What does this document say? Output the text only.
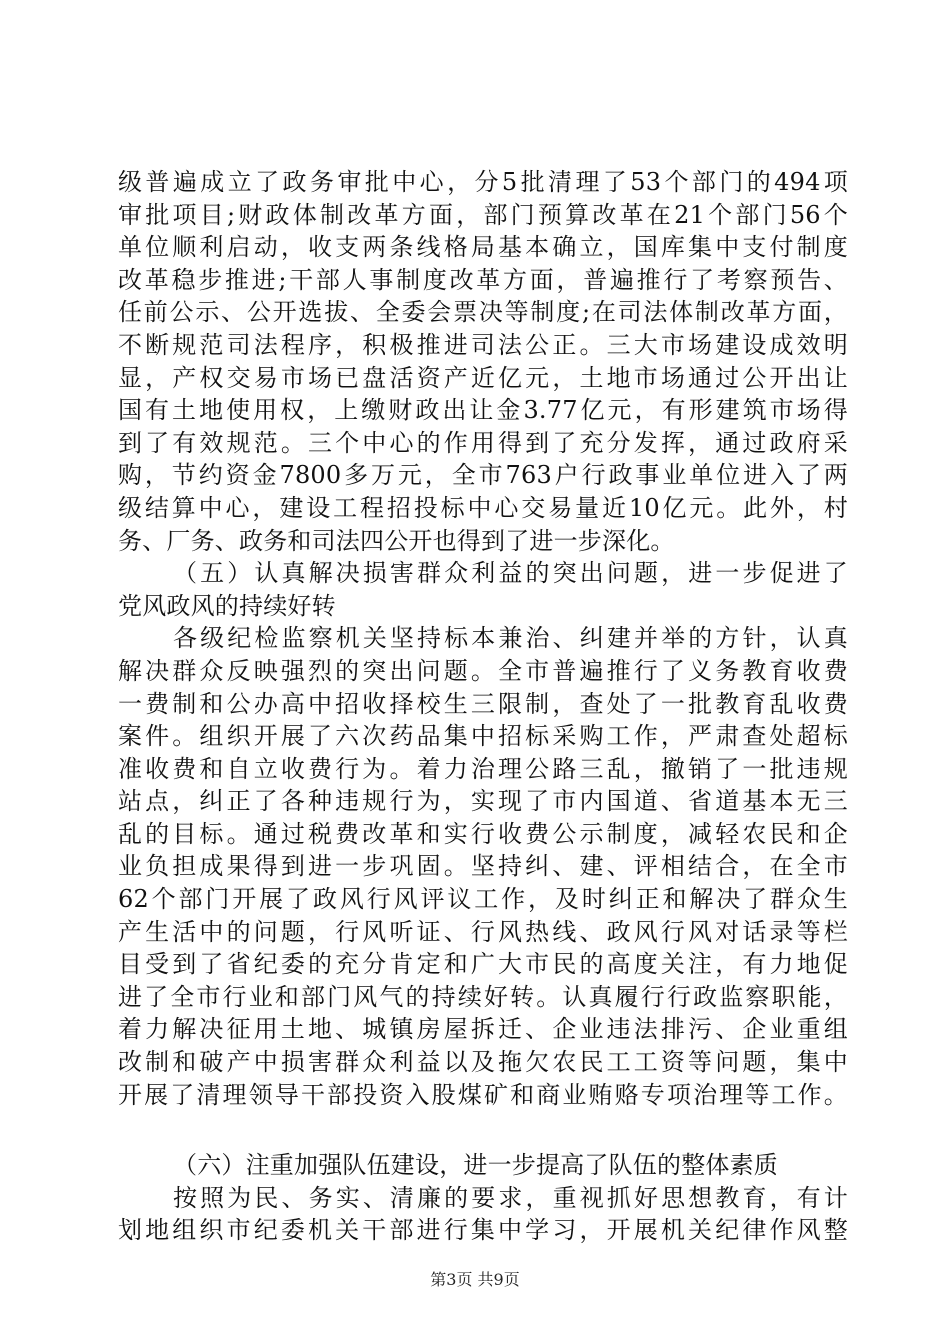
级普遍成立了政务审批中心，分5批清理了53个部门的494项
审批项目;财政体制改革方面，部门预算改革在21个部门56个
单位顺利启动，收支两条线格局基本确立，国库集中支付制度
改革稳步推进;干部人事制度改革方面，普遍推行了考察预告、
任前公示、公开选拔、全委会票决等制度;在司法体制改革方面，
不断规范司法程序，积极推进司法公正。三大市场建设成效明
显，产权交易市场已盘活资产近亿元，土地市场通过公开出让
国有土地使用权，上缴财政出让金3.77亿元，有形建筑市场得
到了有效规范。三个中心的作用得到了充分发挥，通过政府采
购，节约资金7800多万元，全市763户行政事业单位进入了两
级结算中心，建设工程招投标中心交易量近10亿元。此外，村
务、厂务、政务和司法四公开也得到了进一步深化。
（五）认真解决损害群众利益的突出问题，进一步促进了
党风政风的持续好转
各级纪检监察机关坚持标本兼治、纠建并举的方针，认真
解决群众反映强烈的突出问题。全市普遍推行了义务教育收费
一费制和公办高中招收择校生三限制，查处了一批教育乱收费
案件。组织开展了六次药品集中招标采购工作，严肃查处超标
准收费和自立收费行为。着力治理公路三乱，撤销了一批违规
站点，纠正了各种违规行为，实现了市内国道、省道基本无三
乱的目标。通过税费改革和实行收费公示制度，减轻农民和企
业负担成果得到进一步巩固。坚持纠、建、评相结合，在全市
62个部门开展了政风行风评议工作，及时纠正和解决了群众生
产生活中的问题，行风听证、行风热线、政风行风对话录等栏
目受到了省纪委的充分肯定和广大市民的高度关注，有力地促
进了全市行业和部门风气的持续好转。认真履行行政监察职能，
着力解决征用土地、城镇房屋拆迁、企业违法排污、企业重组
改制和破产中损害群众利益以及拖欠农民工工资等问题，集中
开展了清理领导干部投资入股煤矿和商业贿赂专项治理等工作。
（六）注重加强队伍建设，进一步提高了队伍的整体素质
按照为民、务实、清廉的要求，重视抓好思想教育，有计
划地组织市纪委机关干部进行集中学习，开展机关纪律作风整
第3页 共9页
